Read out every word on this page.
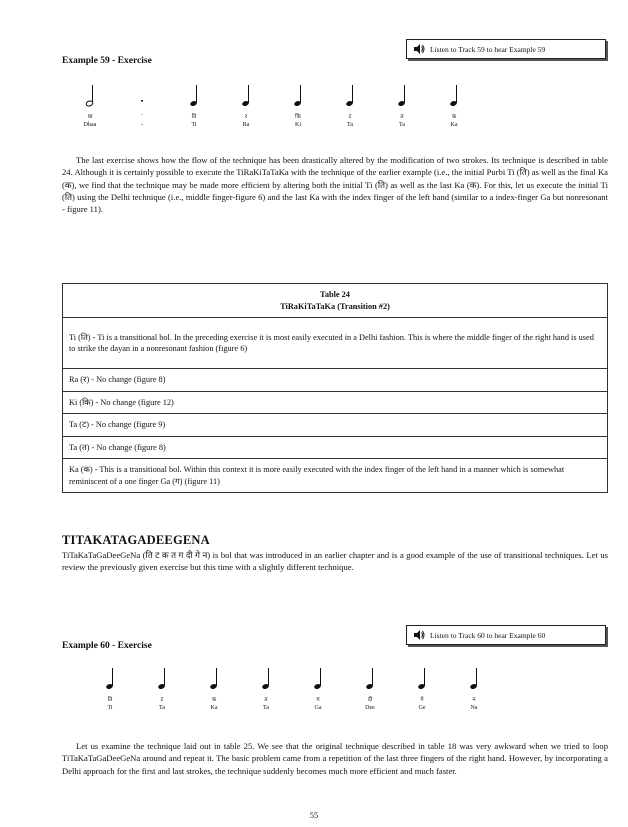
Example 59 - Exercise
Listen to Track 59 to hear Example 59
धा
Dhaa
-
-
ति
Ti
र
Ra
कि
Ki
ट
Ta
त
Ta
क
Ka

The last exercise shows how the flow of the technique has been drastically altered by the modification of two strokes. Its technique is described in table 24. Although it is certainly possible to execute the TiRaKiTaTaKa with the technique of the earlier example (i.e., the initial Purbi Ti (ति) as well as the final Ka (क), we find that the technique may be made more efficient by altering both the initial Ti (ति) as well as the last Ka (क). For this, let us execute the initial Ti (ति) using the Delhi technique (i.e., middle finger-figure 6) and the last Ka with the index finger of the left hand (similar to a index-finger Ga but nonresonant - figure 11).

Table 24
TiRaKiTaTaKa (Transition #2)

Ti (ति) - Ti is a transitional bol. In the preceding exercise it is most easily executed in a Delhi fashion. This is where the middle finger of the right hand is used to strike the dayan in a nonresonant fashion (figure 6)
Ra (र) - No change (figure 8)
Ki (कि) - No change (figure 12)
Ta (ट) - No change (figure 9)
Ta (त) - No change (figure 8)
Ka (क) - This is a transitional bol. Within this context it is more easily executed with the index finger of the left hand in a manner which is somewhat reminiscent of a one finger Ga (ग) (figure 11)
TITAKATAGADEEGENA

TiTaKaTaGaDeeGeNa (ति ट क त ग दी गे न) is bol that was introduced in an earlier chapter and is a good example of the use of transitional techniques. Let us review the previously given exercise but this time with a slightly different technique.

Example 60 - Exercise
Listen to Track 60 to hear Example 60
ति
Ti
ट
Ta
क
Ka
त
Ta
ग
Ga
दी
Dee
गे
Ge
न
Na

Let us examine the technique laid out in table 25. We see that the original technique described in table 18 was very awkward when we tried to loop TiTaKaTaGaDeeGeNa around and repeat it. The basic problem came from a repetition of the last three fingers of the right hand. However, by incorporating a Delhi approach for the first and last strokes, the technique suddenly becomes much more efficient and much faster.

55
